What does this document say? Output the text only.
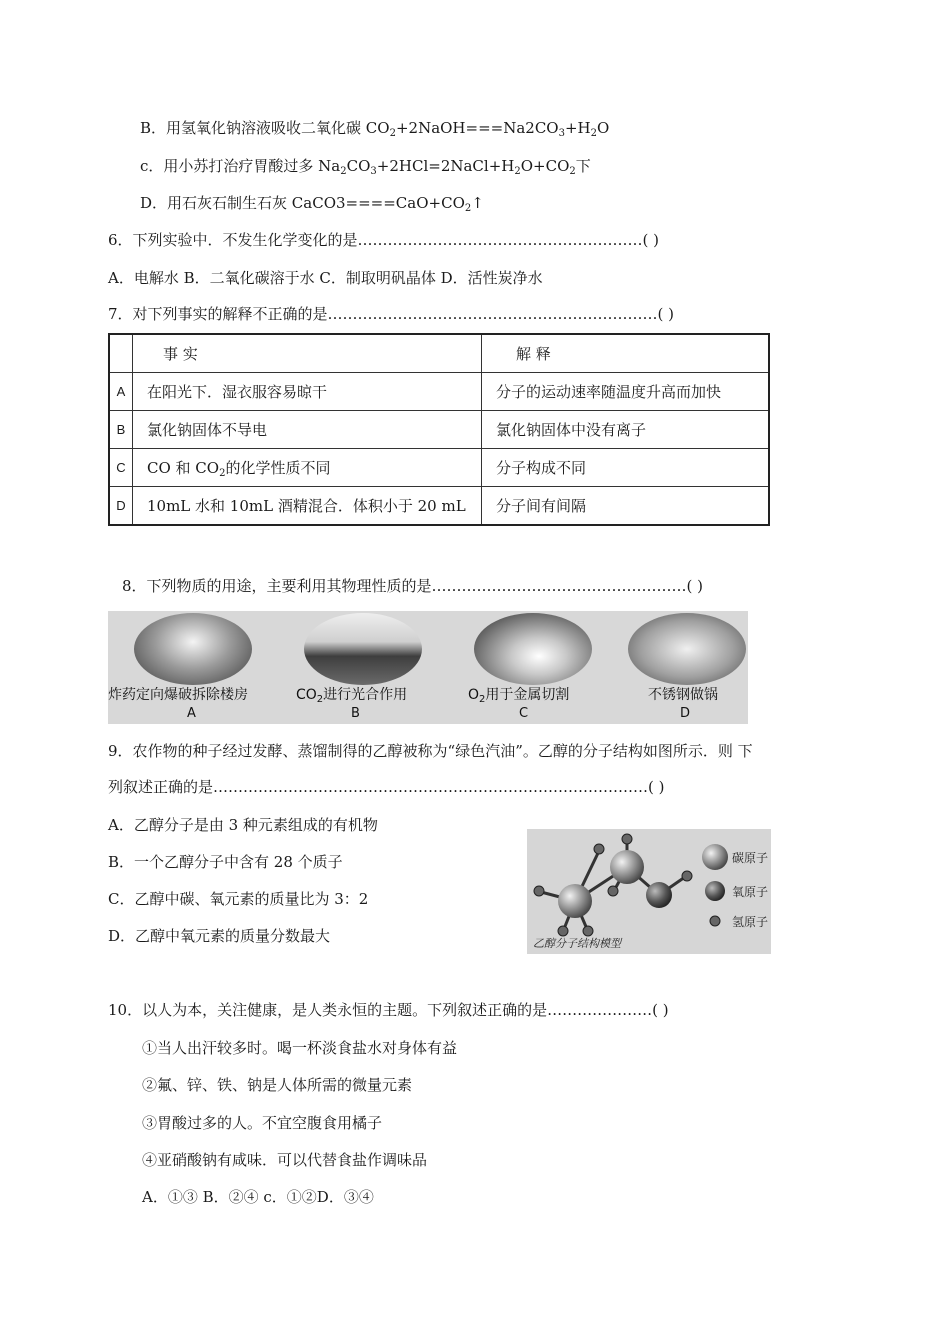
B．用氢氧化钠溶液吸收二氧化碳 $CO_2+2NaOH===Na2CO_3+H_2O$
c．用小苏打治疗胃酸过多 $Na_2CO_3+2HCl=2NaCl+H_2O+CO_2$下
D．用石灰石制生石灰 $CaCO3====CaO+CO_2↑$
6．下列实验中．不发生化学变化的是…………………………………………………( )
A．电解水 B．二氧化碳溶于水 C．制取明矾晶体 D．活性炭净水
7．对下列事实的解释不正确的是…………………………………………………………( )
	事 实	解 释
A	在阳光下．湿衣服容易晾干	分子的运动速率随温度升高而加快
B	氯化钠固体不导电	氯化钠固体中没有离子
C	CO 和 $CO_2$的化学性质不同	分子构成不同
D	10mL 水和 10mL 酒精混合．体积小于 20 mL	分子间有间隔
8．下列物质的用途，主要利用其物理性质的是……………………………………………( )
炸药定向爆破拆除楼房	$CO_2$进行光合作用	$O_2$用于金属切割	不锈钢做锅
A	B	C	D
9．农作物的种子经过发酵、蒸馏制得的乙醇被称为“绿色汽油”。乙醇的分子结构如图所示．则 下
列叙述正确的是……………………………………………………………………………( )
A．乙醇分子是由 3 种元素组成的有机物
B．一个乙醇分子中含有 28 个质子
C．乙醇中碳、氧元素的质量比为 3：2
D．乙醇中氧元素的质量分数最大
碳原子
氧原子
氢原子
乙醇分子结构模型
10．以人为本，关注健康，是人类永恒的主题。下列叙述正确的是…………………( )
①当人出汗较多时。喝一杯淡食盐水对身体有益
②氟、锌、铁、钠是人体所需的微量元素
③胃酸过多的人。不宜空腹食用橘子
④亚硝酸钠有咸味．可以代替食盐作调味品
A．①③ B．②④ c．①②D．③④
